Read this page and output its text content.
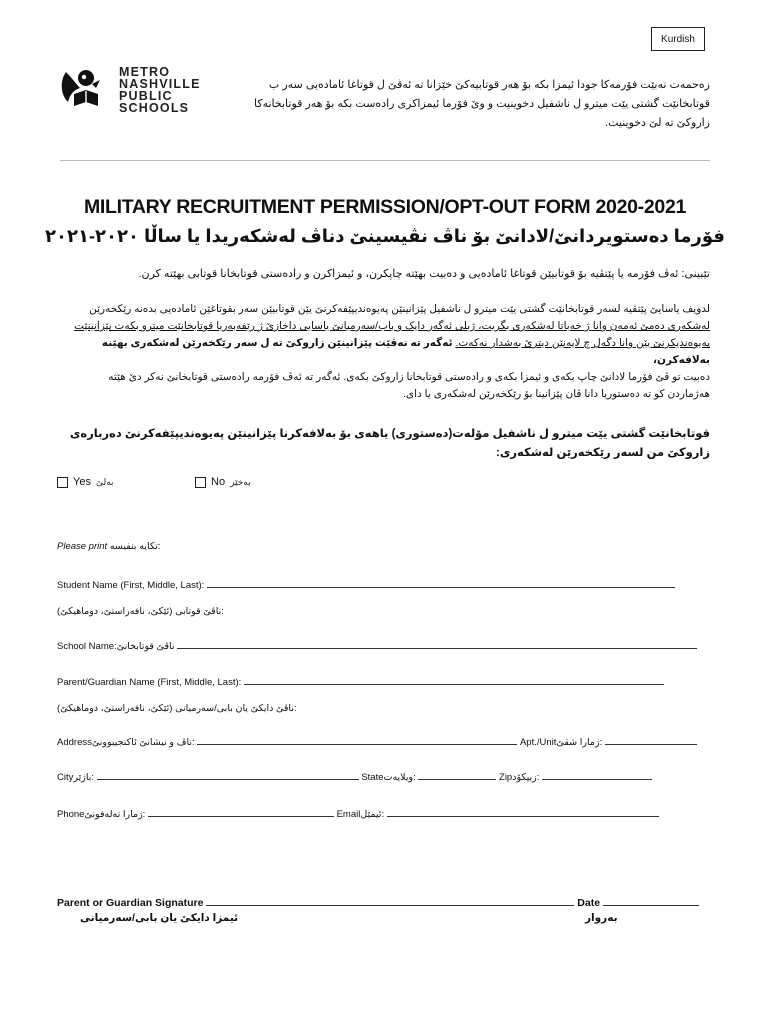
Kurdish
METRO
NASHVILLE
PUBLIC
SCHOOLS
زەحمەت نەبێت فۆرمەکا جودا ئیمزا بکە بۆ هەر قوتابیەکێ خێزانا تە ئەڤێ ل قوتاغا ئامادەیی سەر ب قوتابخانێت گشتی یێت میترو ل ناشفیل دخوینیت و وێ فۆرما ئیمزاکری رادەست بکە بۆ هەر قوتابخانەکا زاروکێ تە لێ دخوینیت.
MILITARY RECRUITMENT PERMISSION/OPT-OUT FORM 2020-2021
فۆرما دەستویردانێ/لادانێ بۆ ناڤ نڤیسینێ دناڤ لەشکەریدا یا ساڵا ٢٠٢٠-٢٠٢١
تێبینی: ئەڤ فۆرمە یا پێتڤیە بۆ قوتابیێن قوتاغا ئامادەیی و دەبیت بهێتە چاپکرن، و ئیمزاکرن و رادەستی قوتابخانا قوتابی بهێتە کرن.
لدویف یاسایێ پێتڤیە لسەر قوتابخانێت گشتی یێت میترو ل ناشفیل پێزانینێن پەیوەندیپێفەکرنێ یێن قوتابیێن سەر بقوتاغێن ئامادەیی بدەنە رێکخەرێن
لەشکەری دەمێ ئەمەن وانا ژ خەباتا لەشکەری بگریت، ژبلی ئەگەر دایک و باب/سەرمیانێ یاسایی داخازێ ژ رێفەبەریا قوتابخانێت میترو بکەت پێزانینێت
پەیوەندیکرنێ یێن وانا دگەل چ لایەنێن دیترێ بەشدار نەکەت. ئەگەر تە نەڤێت پێزانینێن زاروکێ تە ل سەر رێکخەرێن لەشکەری بهێنە بەلافەکرن،
دەبیت تو ڤێ فۆرما لادانێ چاپ بکەی و ئیمزا بکەی و رادەستی قوتابخانا زاروکێ بکەی. ئەگەر تە ئەڤ فۆرمە رادەستی قوتابخانێ نەکر دێ هێتە
هەژماردن کو تە دەستوریا دانا ڤان پێزانینا بۆ رێکخەرێن لەشکەری یا دای.
قوتابخانێت گشتی یێت میترو ل ناشفیل مۆلەت(دەستوری) یاهەی بۆ بەلافەکرنا پێزانینێن پەیوەندیپێفەکرنێ دەربارەی زاروکێ من لسەر رێکخەرێن لەشکەری:
Yes بەلێ	No بەخێر
Please print تکایە بنفیسە:
Student Name (First, Middle, Last):
(ئێکێ، نافەراستێ، دوماهیکێ) ناڤێ قوتابی:
School Name:ناڤێ قوتابخانێ
Parent/Guardian Name (First, Middle, Last):
(ئێکێ، نافەراستێ، دوماهیکێ) ناڤێ دایکێ یان بابی/سەرمیانی:
Addressناڤ و نیشانێ ئاکنجیبوونێ:	Apt./Unitژمارا شقێ:
Cityباژێر:	Stateویلایەت:	Zipزیپکۆد:
Phoneژمارا تەلەفونێ:	Emailئیمێل:
Parent or Guardian Signature	Date
ئیمزا دایکێ یان بابی/سەرمیانی	بەروار
